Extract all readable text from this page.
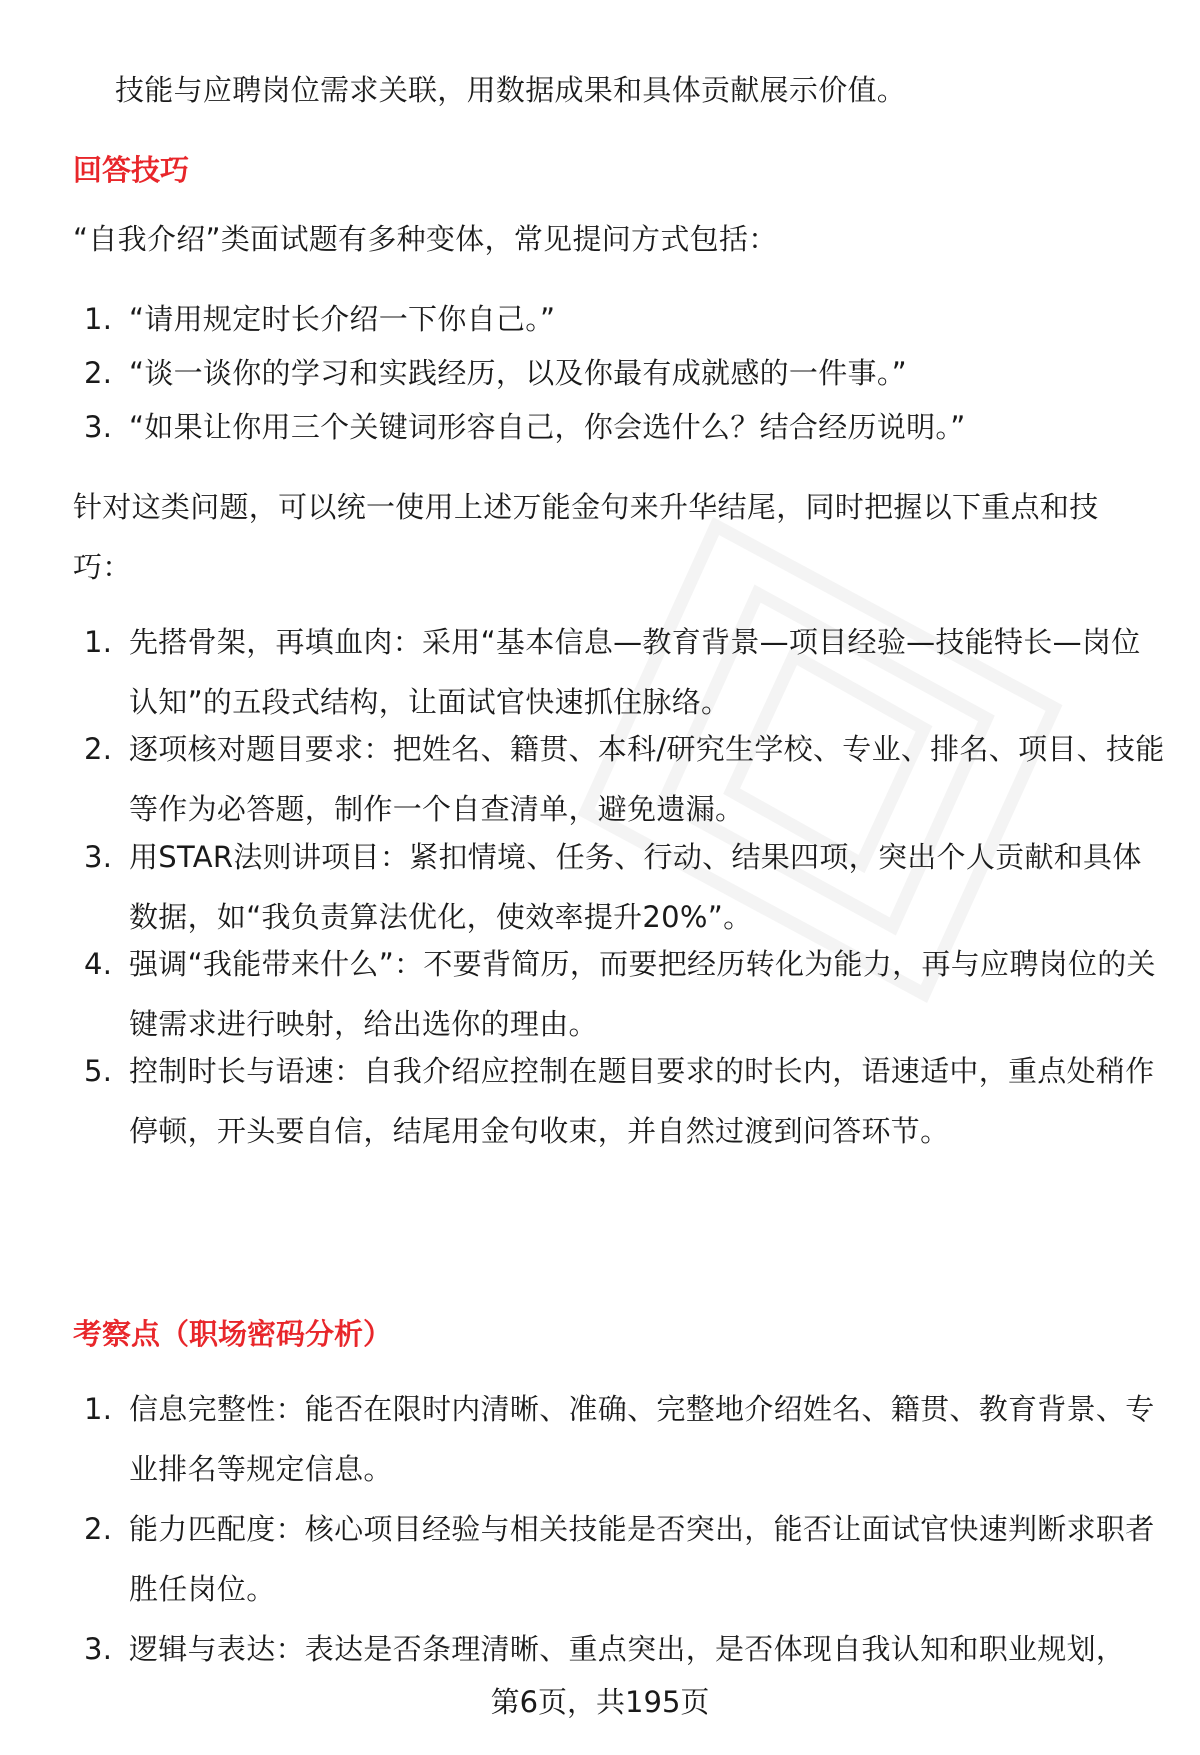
技能与应聘岗位需求关联，用数据成果和具体贡献展示价值。
回答技巧
“自我介绍”类面试题有多种变体，常见提问方式包括：
1. “请用规定时长介绍一下你自己。”
2. “谈一谈你的学习和实践经历，以及你最有成就感的一件事。”
3. “如果让你用三个关键词形容自己，你会选什么？结合经历说明。”
针对这类问题，可以统一使用上述万能金句来升华结尾，同时把握以下重点和技巧：
1. 先搭骨架，再填血肉：采用“基本信息—教育背景—项目经验—技能特长—岗位认知”的五段式结构，让面试官快速抓住脉络。
2. 逐项核对题目要求：把姓名、籍贯、本科/研究生学校、专业、排名、项目、技能等作为必答题，制作一个自查清单，避免遗漏。
3. 用STAR法则讲项目：紧扣情境、任务、行动、结果四项，突出个人贡献和具体数据，如“我负责算法优化，使效率提升20%”。
4. 强调“我能带来什么”：不要背简历，而要把经历转化为能力，再与应聘岗位的关键需求进行映射，给出选你的理由。
5. 控制时长与语速：自我介绍应控制在题目要求的时长内，语速适中，重点处稍作停顿，开头要自信，结尾用金句收束，并自然过渡到问答环节。
考察点（职场密码分析）
1. 信息完整性：能否在限时内清晰、准确、完整地介绍姓名、籍贯、教育背景、专业排名等规定信息。
2. 能力匹配度：核心项目经验与相关技能是否突出，能否让面试官快速判断求职者胜任岗位。
3. 逻辑与表达：表达是否条理清晰、重点突出，是否体现自我认知和职业规划，
第6页，共195页
